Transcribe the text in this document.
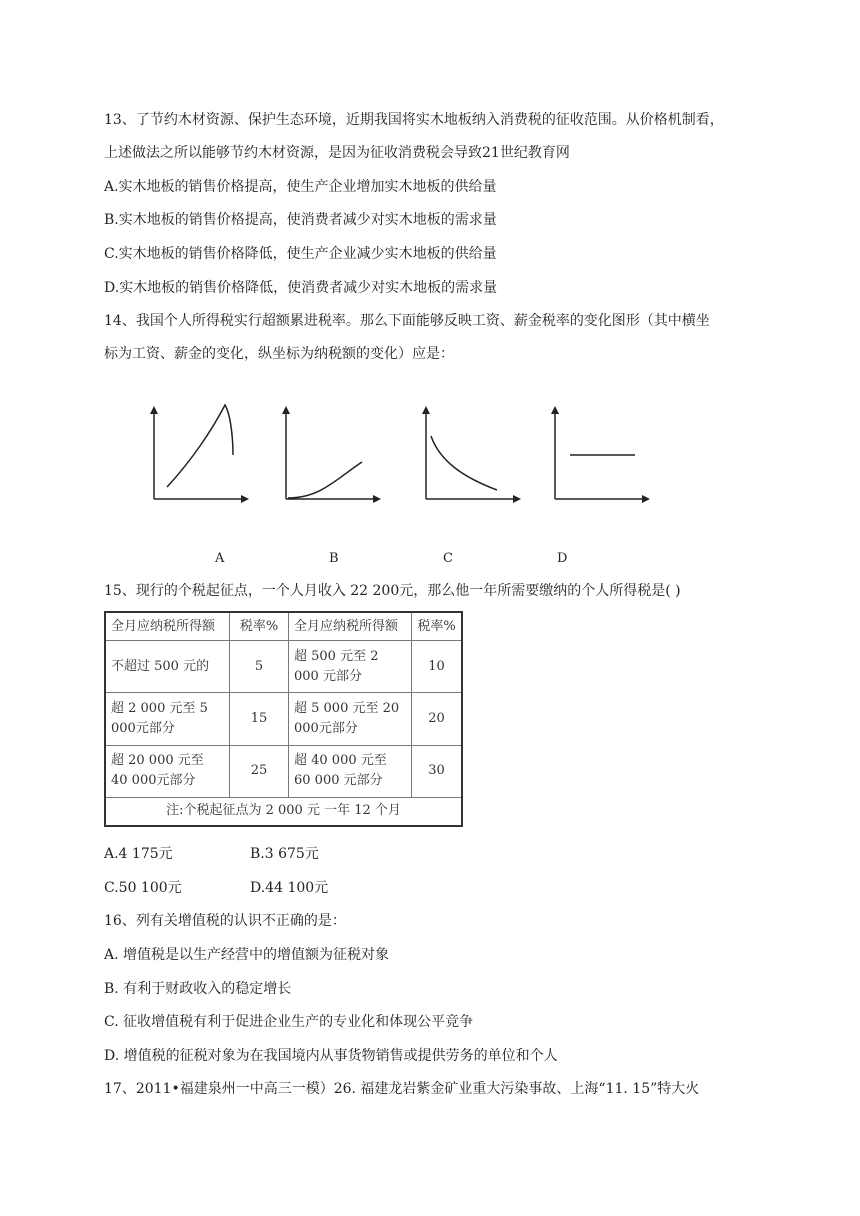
13、了节约木材资源、保护生态环境，近期我国将实木地板纳入消费税的征收范围。从价格机制看，
上述做法之所以能够节约木材资源，是因为征收消费税会导致21世纪教育网
A.实木地板的销售价格提高，使生产企业增加实木地板的供给量
B.实木地板的销售价格提高，使消费者减少对实木地板的需求量
C.实木地板的销售价格降低，使生产企业减少实木地板的供给量
D.实木地板的销售价格降低，使消费者减少对实木地板的需求量
14、我国个人所得税实行超额累进税率。那么下面能够反映工资、薪金税率的变化图形（其中横坐
标为工资、薪金的变化，纵坐标为纳税额的变化）应是：
A	B	C	D
15、现行的个税起征点，一个人月收入 22 200元，那么他一年所需要缴纳的个人所得税是( )
全月应纳税所得额	税率%	全月应纳税所得额	税率%
不超过 500 元的	5	超 500 元至 2 000 元部分	10
超 2 000 元至 5 000元部分	15	超 5 000 元至 20 000元部分	20
超 20 000 元至 40 000元部分	25	超 40 000 元至 60 000 元部分	30
注:个税起征点为 2 000 元 一年 12 个月			
A.4 175元	B.3 675元
C.50 100元	D.44 100元
16、列有关增值税的认识不正确的是：
A. 增值税是以生产经营中的增值额为征税对象
B. 有利于财政收入的稳定增长
C. 征收增值税有利于促进企业生产的专业化和体现公平竞争
D. 增值税的征税对象为在我国境内从事货物销售或提供劳务的单位和个人
17、2011•福建泉州一中高三一模）26. 福建龙岩紫金矿业重大污染事故、上海“11. 15”特大火
